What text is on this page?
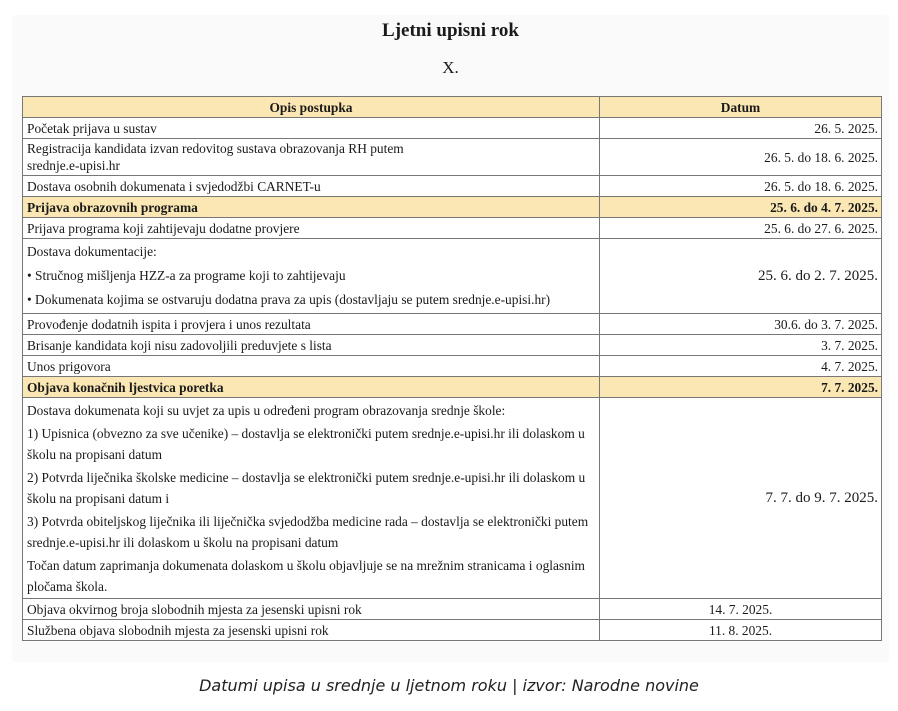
Ljetni upisni rok
X.
Opis postupka	Datum
Početak prijava u sustav	26. 5. 2025.
Registracija kandidata izvan redovitog sustava obrazovanja RH putem srednje.e-upisi.hr	26. 5. do 18. 6. 2025.
Dostava osobnih dokumenata i svjedodžbi CARNET-u	26. 5. do 18. 6. 2025.
Prijava obrazovnih programa	25. 6. do 4. 7. 2025.
Prijava programa koji zahtijevaju dodatne provjere	25. 6. do 27. 6. 2025.

Dostava dokumentacije:

• Stručnog mišljenja HZZ-a za programe koji to zahtijevaju

• Dokumenata kojima se ostvaruju dodatna prava za upis (dostavljaju se putem srednje.e-upisi.hr)	25. 6. do 2. 7. 2025.
Provođenje dodatnih ispita i provjera i unos rezultata	30.6. do 3. 7. 2025.
Brisanje kandidata koji nisu zadovoljili preduvjete s lista	3. 7. 2025.
Unos prigovora	4. 7. 2025.
Objava konačnih ljestvica poretka	7. 7. 2025.

Dostava dokumenata koji su uvjet za upis u određeni program obrazovanja srednje škole:

1) Upisnica (obvezno za sve učenike) – dostavlja se elektronički putem srednje.e-upisi.hr ili dolaskom u školu na propisani datum

2) Potvrda liječnika školske medicine – dostavlja se elektronički putem srednje.e-upisi.hr ili dolaskom u školu na propisani datum i

3) Potvrda obiteljskog liječnika ili liječnička svjedodžba medicine rada – dostavlja se elektronički putem srednje.e-upisi.hr ili dolaskom u školu na propisani datum

Točan datum zaprimanja dokumenata dolaskom u školu objavljuje se na mrežnim stranicama i oglasnim pločama škola.	7. 7. do 9. 7. 2025.
Objava okvirnog broja slobodnih mjesta za jesenski upisni rok	14. 7. 2025.
Službena objava slobodnih mjesta za jesenski upisni rok	11. 8. 2025.
Datumi upisa u srednje u ljetnom roku | izvor: Narodne novine
